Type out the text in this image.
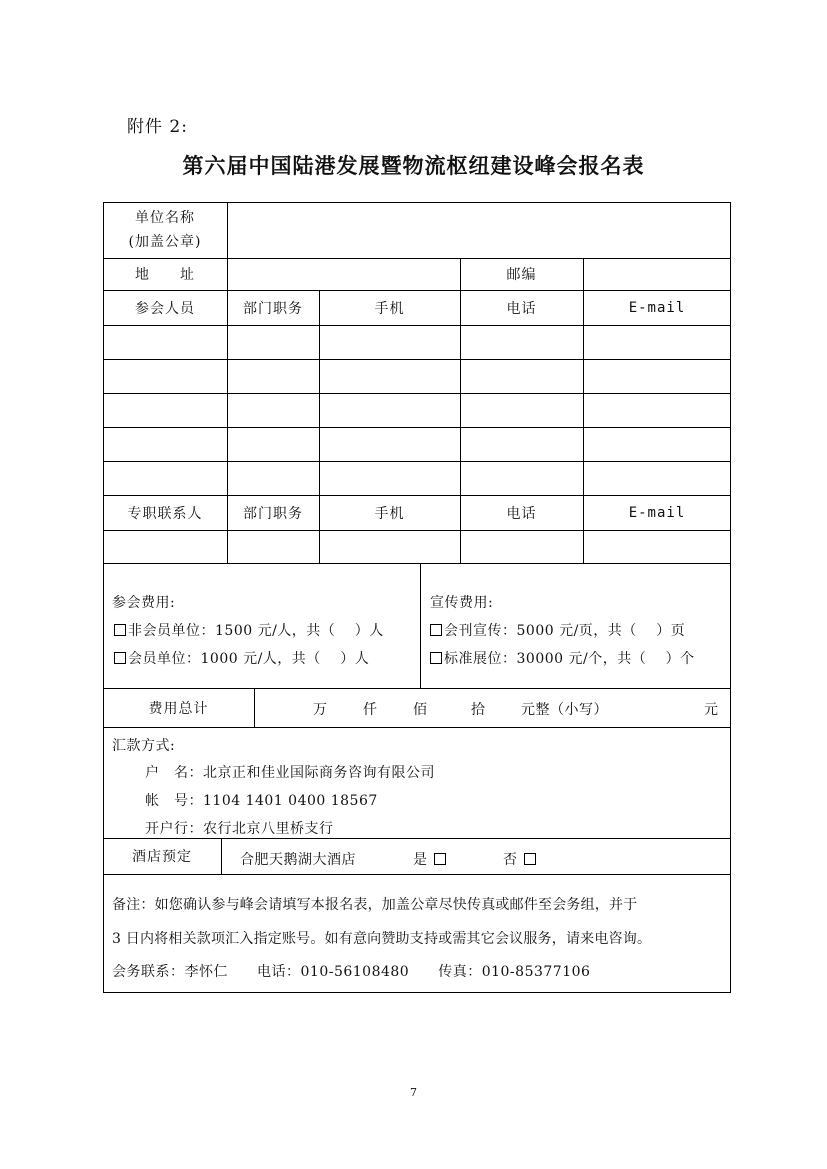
附件 2:
第六届中国陆港发展暨物流枢纽建设峰会报名表
单位名称
(加盖公章)
地　　址	邮编
参会人员	部门职务	手机	电话	E-mail
专职联系人	部门职务	手机	电话	E-mail
参会费用:
非会员单位：1500 元/人，共（　 ）人
会员单位：1000 元/人，共（　 ）人
宣传费用:
会刊宣传：5000 元/页，共（　 ）页
标准展位：30000 元/个，共（　 ）个
费用总计	万	仟	佰	拾	元整（小写）	元
汇款方式:
户　名：北京正和佳业国际商务咨询有限公司
帐　号：1104 1401 0400 18567
开户行：农行北京八里桥支行
酒店预定	合肥天鹅湖大酒店	是	否
备注：如您确认参与峰会请填写本报名表，加盖公章尽快传真或邮件至会务组，并于
3 日内将相关款项汇入指定账号。如有意向赞助支持或需其它会议服务，请来电咨询。
会务联系：李怀仁　　电话：010-56108480　　传真：010-85377106
7
